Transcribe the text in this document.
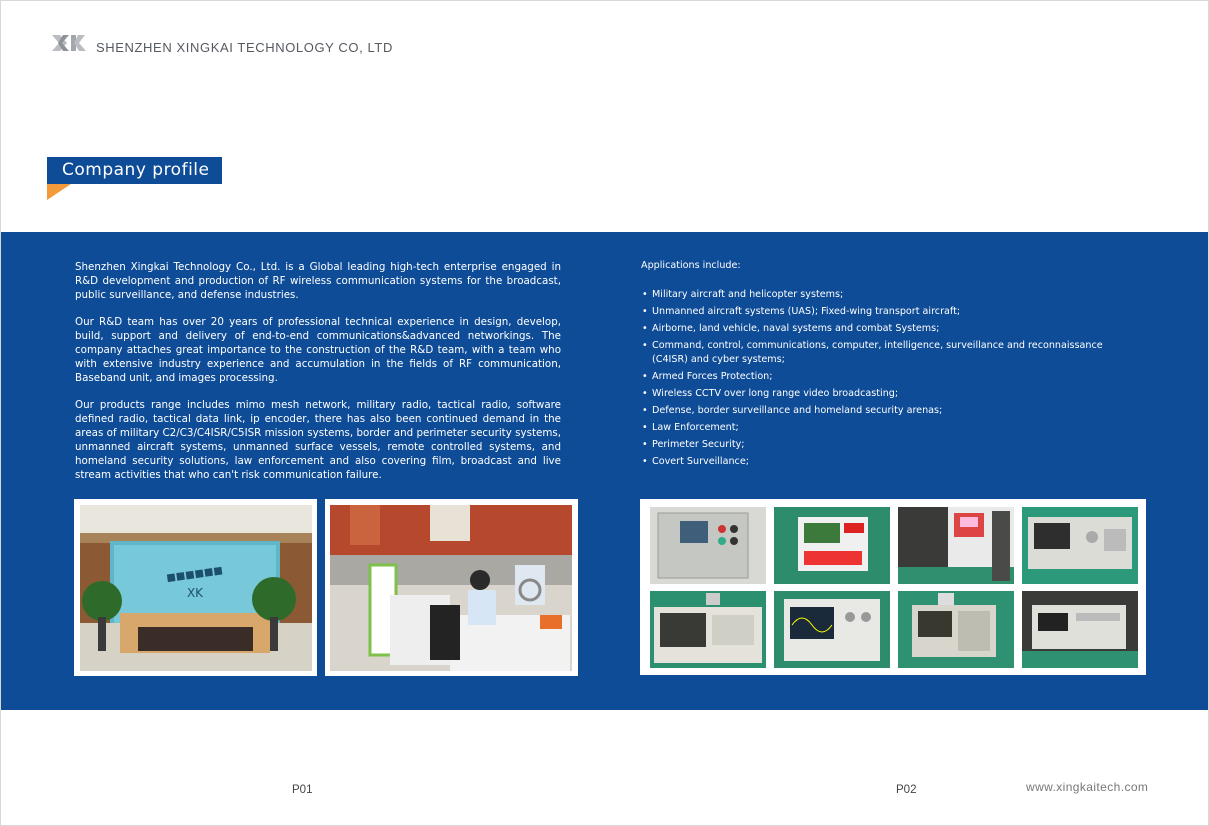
SHENZHEN XINGKAI TECHNOLOGY CO, LTD
Company profile

Shenzhen Xingkai Technology Co., Ltd. is a Global leading high-tech enterprise engaged in R&D development and production of RF wireless communication systems for the broadcast, public surveillance, and defense industries.

Our R&D team has over 20 years of professional technical experience in design, develop, build, support and delivery of end-to-end communications&advanced networkings. The company attaches great importance to the construction of the R&D team, with a team who with extensive industry experience and accumulation in the fields of RF communication, Baseband unit, and images processing.

Our products range includes mimo mesh network, military radio, tactical radio, software defined radio, tactical data link, ip encoder, there has also been continued demand in the areas of military C2/C3/C4ISR/C5ISR mission systems, border and perimeter security systems, unmanned aircraft systems, unmanned surface vessels, remote controlled systems, and homeland security solutions, law enforcement and also covering film, broadcast and live stream activities that who can't risk communication failure.

Applications include:
• Military aircraft and helicopter systems;
• Unmanned aircraft systems (UAS); Fixed-wing transport aircraft;
• Airborne, land vehicle, naval systems and combat Systems;
• Command, control, communications, computer, intelligence, surveillance and reconnaissance (C4ISR) and cyber systems;
• Armed Forces Protection;
• Wireless CCTV over long range video broadcasting;
• Defense, border surveillance and homeland security arenas;
• Law Enforcement;
• Perimeter Security;
• Covert Surveillance;
■■■■■■
XK
P01	P02	www.xingkaitech.com
